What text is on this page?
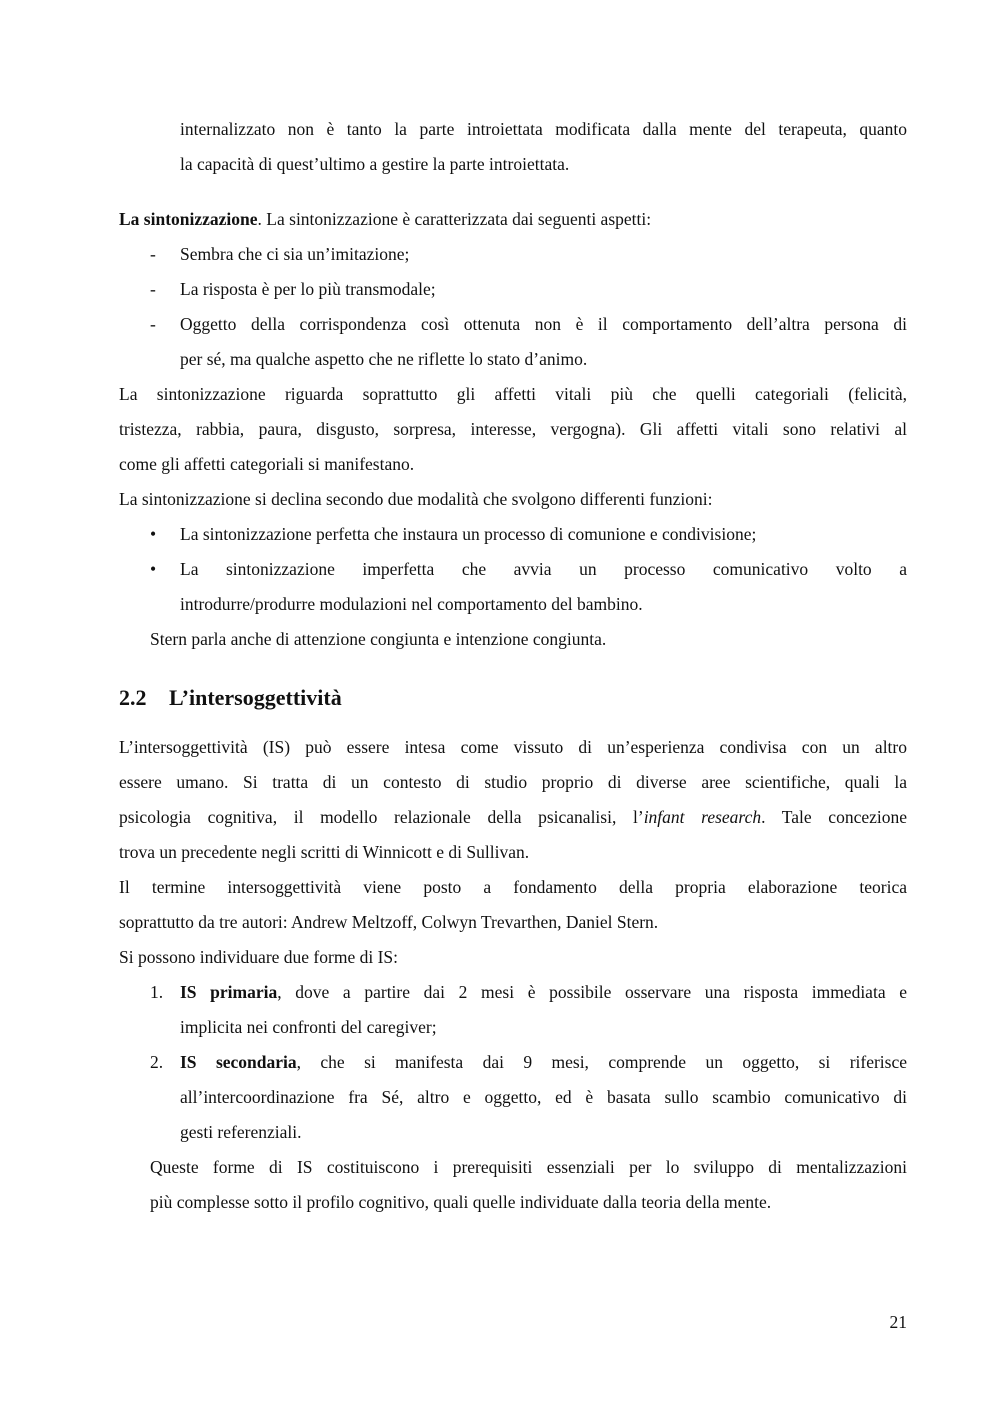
internalizzato non è tanto la parte introiettata modificata dalla mente del terapeuta, quanto
la capacità di quest’ultimo a gestire la parte introiettata.
La sintonizzazione. La sintonizzazione è caratterizzata dai seguenti aspetti:
- Sembra che ci sia un’imitazione;
- La risposta è per lo più transmodale;
- Oggetto della corrispondenza così ottenuta non è il comportamento dell’altra persona di
per sé, ma qualche aspetto che ne riflette lo stato d’animo.
La sintonizzazione riguarda soprattutto gli affetti vitali più che quelli categoriali (felicità,
tristezza, rabbia, paura, disgusto, sorpresa, interesse, vergogna). Gli affetti vitali sono relativi al
come gli affetti categoriali si manifestano.
La sintonizzazione si declina secondo due modalità che svolgono differenti funzioni:
• La sintonizzazione perfetta che instaura un processo di comunione e condivisione;
• La sintonizzazione imperfetta che avvia un processo comunicativo volto a
introdurre/produrre modulazioni nel comportamento del bambino.
Stern parla anche di attenzione congiunta e intenzione congiunta.
2.2 L’intersoggettività
L’intersoggettività (IS) può essere intesa come vissuto di un’esperienza condivisa con un altro
essere umano. Si tratta di un contesto di studio proprio di diverse aree scientifiche, quali la
psicologia cognitiva, il modello relazionale della psicanalisi, l’infant research. Tale concezione
trova un precedente negli scritti di Winnicott e di Sullivan.
Il termine intersoggettività viene posto a fondamento della propria elaborazione teorica
soprattutto da tre autori: Andrew Meltzoff, Colwyn Trevarthen, Daniel Stern.
Si possono individuare due forme di IS:
1. IS primaria, dove a partire dai 2 mesi è possibile osservare una risposta immediata e
implicita nei confronti del caregiver;
2. IS secondaria, che si manifesta dai 9 mesi, comprende un oggetto, si riferisce
all’intercoordinazione fra Sé, altro e oggetto, ed è basata sullo scambio comunicativo di
gesti referenziali.
Queste forme di IS costituiscono i prerequisiti essenziali per lo sviluppo di mentalizzazioni
più complesse sotto il profilo cognitivo, quali quelle individuate dalla teoria della mente.
21
